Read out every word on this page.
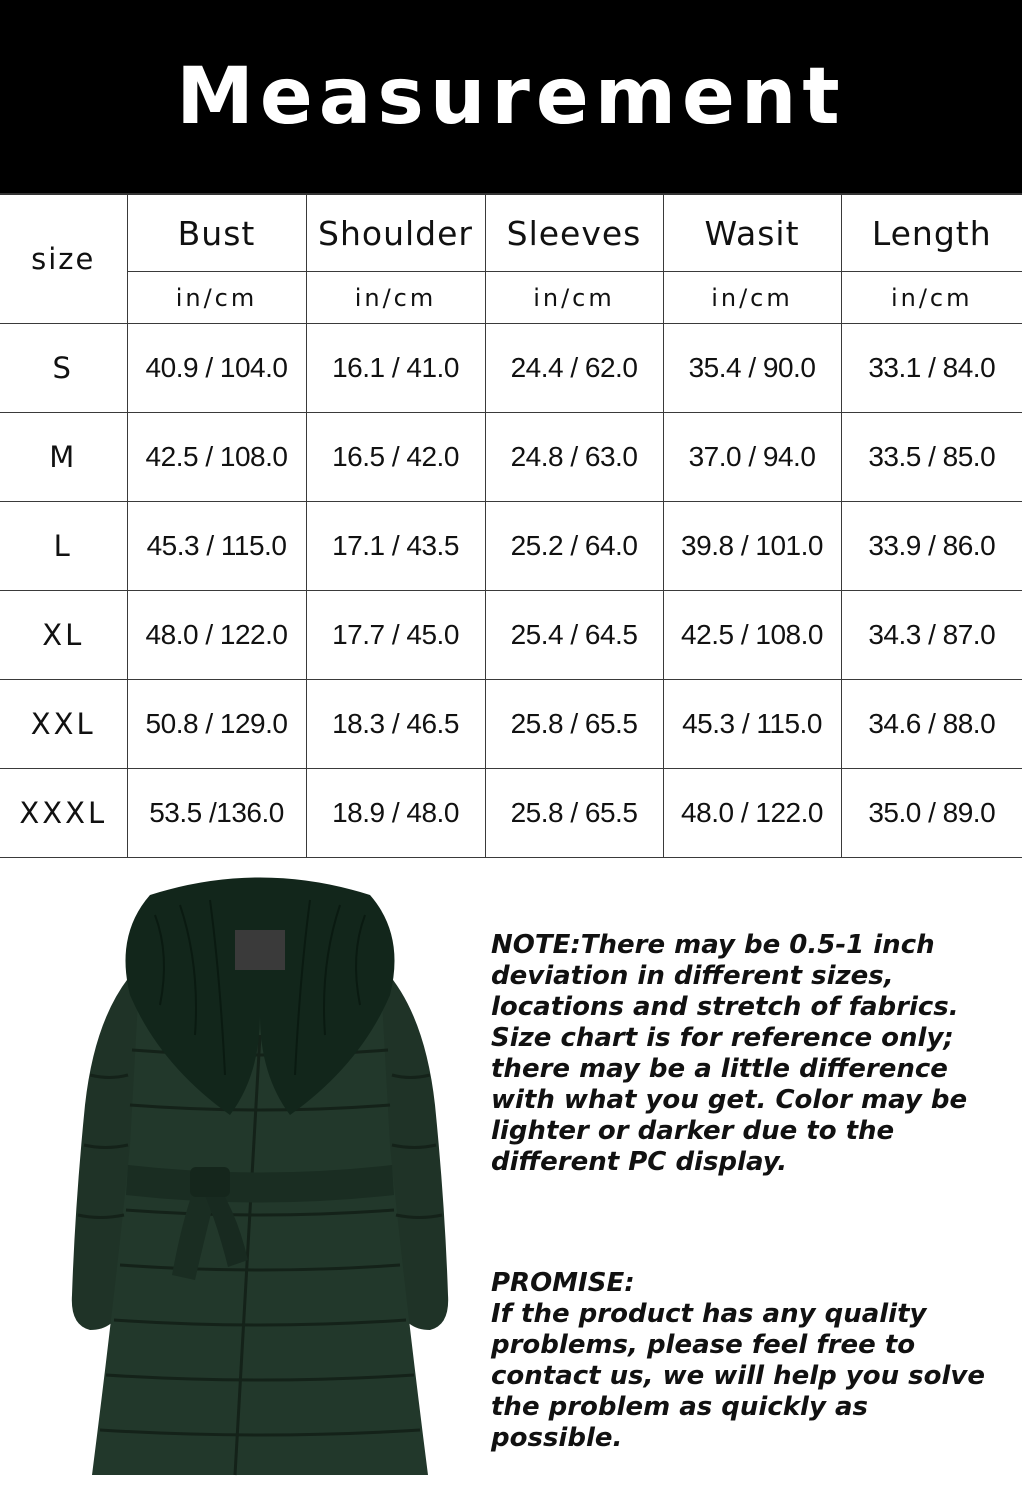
Measurement
size	Bust	Shoulder	Sleeves	Wasit	Length
	in/cm	in/cm	in/cm	in/cm	in/cm
S	40.9 / 104.0	16.1 / 41.0	24.4 / 62.0	35.4 / 90.0	33.1 / 84.0
M	42.5 / 108.0	16.5 / 42.0	24.8 / 63.0	37.0 / 94.0	33.5 / 85.0
L	45.3 / 115.0	17.1 / 43.5	25.2 / 64.0	39.8 / 101.0	33.9 / 86.0
XL	48.0 / 122.0	17.7 / 45.0	25.4 / 64.5	42.5 / 108.0	34.3 / 87.0
XXL	50.8 / 129.0	18.3 / 46.5	25.8 / 65.5	45.3 / 115.0	34.6 / 88.0
XXXL	53.5 /136.0	18.9 / 48.0	25.8 / 65.5	48.0 / 122.0	35.0 / 89.0
NOTE:There may be 0.5-1 inch
deviation in different sizes,
locations and stretch of fabrics.
Size chart is for reference only;
there may be a little difference
with what you get. Color may be
lighter or darker due to the
different PC display.
PROMISE:
If the product has any quality
problems, please feel free to
contact us, we will help you solve
the problem as quickly as
possible.
